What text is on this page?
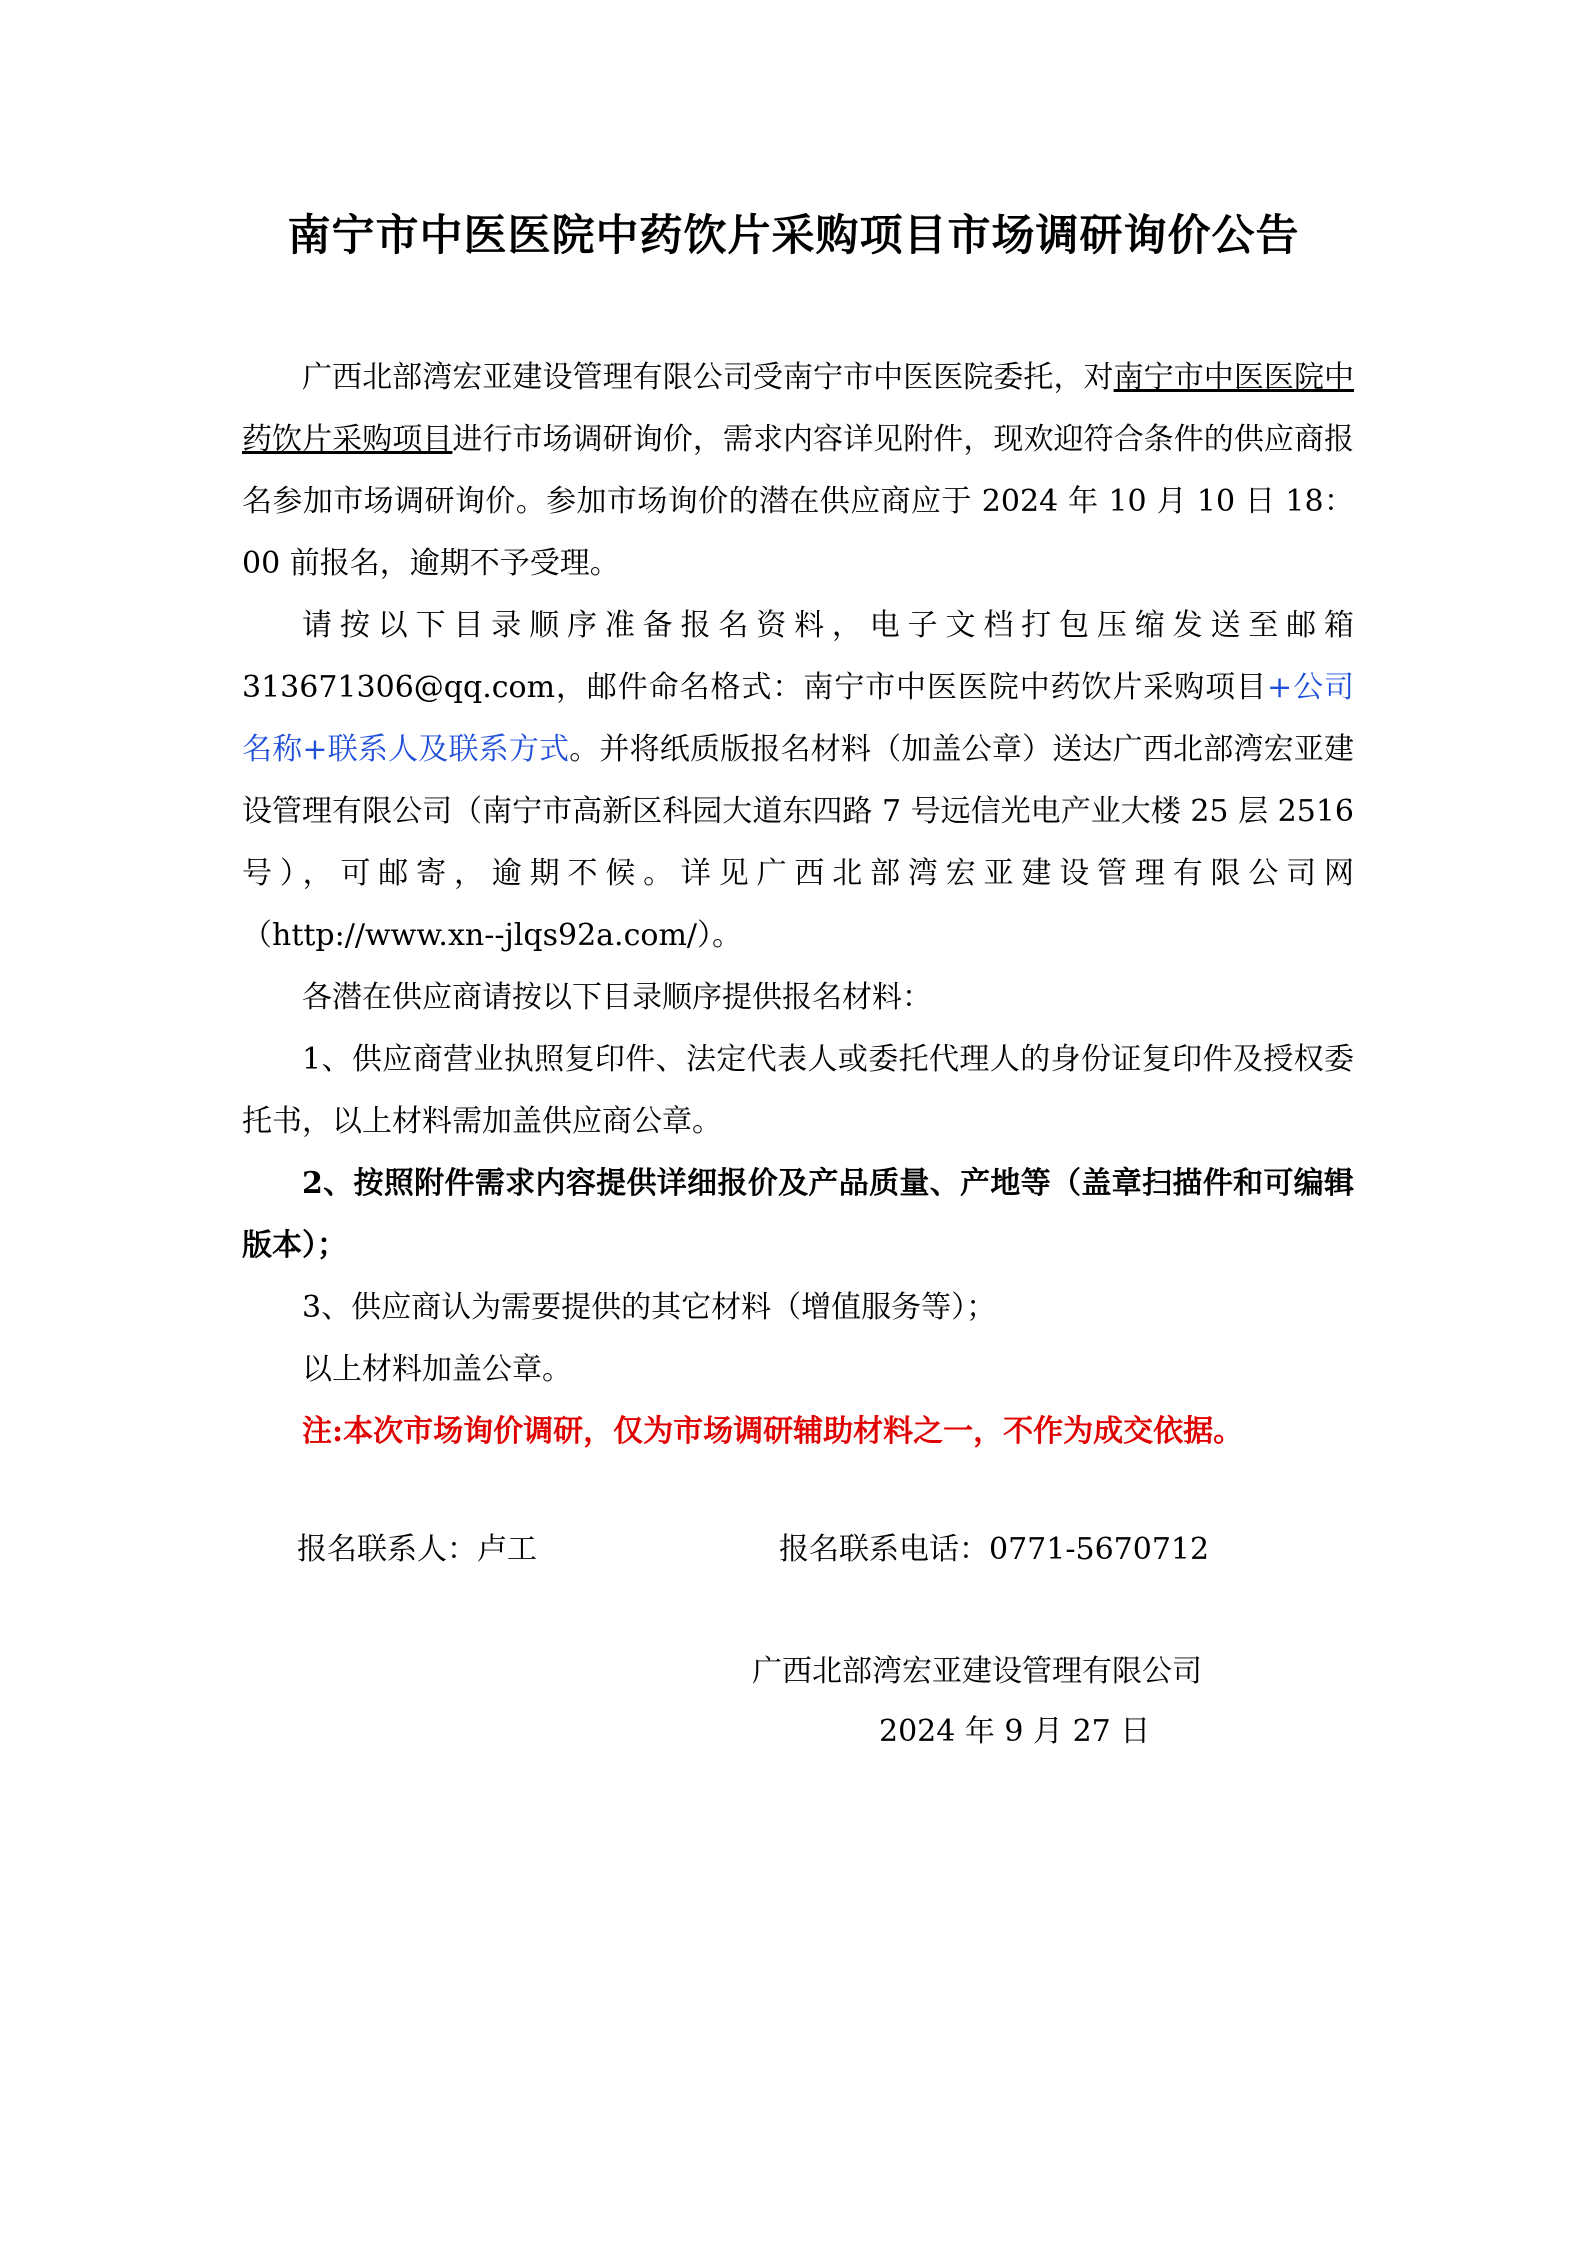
南宁市中医医院中药饮片采购项目市场调研询价公告

广西北部湾宏亚建设管理有限公司受南宁市中医医院委托，对南宁市中医医院中药饮片采购项目进行市场调研询价，需求内容详见附件，现欢迎符合条件的供应商报名参加市场调研询价。参加市场询价的潜在供应商应于 2024 年 10 月 10 日 18：00 前报名，逾期不予受理。

请按以下目录顺序准备报名资料，电子文档打包压缩发送至邮箱 313671306@qq.com，邮件命名格式：南宁市中医医院中药饮片采购项目+公司名称+联系人及联系方式。并将纸质版报名材料（加盖公章）送达广西北部湾宏亚建设管理有限公司（南宁市高新区科园大道东四路 7 号远信光电产业大楼 25 层 2516 号），可邮寄，逾期不候。详见广西北部湾宏亚建设管理有限公司网（http://www.xn--jlqs92a.com/）。

各潜在供应商请按以下目录顺序提供报名材料：

1、供应商营业执照复印件、法定代表人或委托代理人的身份证复印件及授权委托书，以上材料需加盖供应商公章。

2、按照附件需求内容提供详细报价及产品质量、产地等（盖章扫描件和可编辑版本）；

3、供应商认为需要提供的其它材料（增值服务等）；

以上材料加盖公章。

注:本次市场询价调研，仅为市场调研辅助材料之一，不作为成交依据。

报名联系人：卢工	报名联系电话：0771-5670712
广西北部湾宏亚建设管理有限公司
2024 年 9 月 27 日
